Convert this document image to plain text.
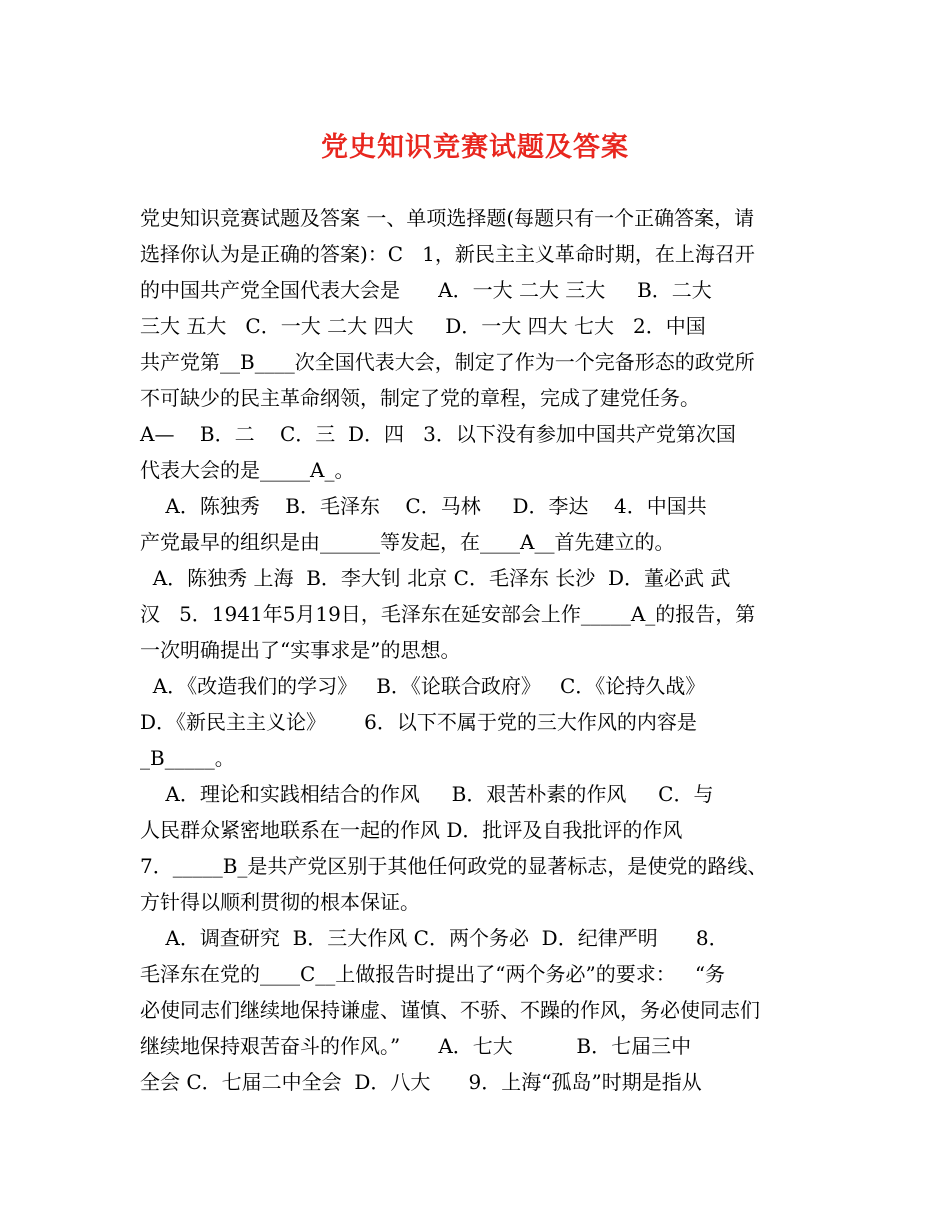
党史知识竞赛试题及答案
党史知识竞赛试题及答案 一、单项选择题(每题只有一个正确答案，请
选择你认为是正确的答案)：C   1，新民主主义革命时期，在上海召开
的中国共产党全国代表大会是      A．一大 二大 三大     B．二大
三大 五大   C．一大 二大 四大     D．一大 四大 七大   2．中国
共产党第__B____次全国代表大会，制定了作为一个完备形态的政党所
不可缺少的民主革命纲领，制定了党的章程，完成了建党任务。
A—    B．二    C．三  D．四   3．以下没有参加中国共产党第次国
代表大会的是_____A_。
A．陈独秀    B．毛泽东    C．马林     D．李达    4．中国共
产党最早的组织是由______等发起，在____A__首先建立的。
A．陈独秀 上海  B．李大钊 北京 C．毛泽东 长沙  D．董必武 武
汉   5．1941年5月19日，毛泽东在延安部会上作_____A_的报告，第
一次明确提出了“实事求是”的思想。
A．《改造我们的学习》   B．《论联合政府》   C．《论持久战》
D．《新民主主义论》      6．以下不属于党的三大作风的内容是
_B_____。
A．理论和实践相结合的作风     B．艰苦朴素的作风     C．与
人民群众紧密地联系在一起的作风 D．批评及自我批评的作风
7．_____B_是共产党区别于其他任何政党的显著标志，是使党的路线、
方针得以顺利贯彻的根本保证。
A．调查研究  B．三大作风 C．两个务必  D．纪律严明      8．
毛泽东在党的____C__上做报告时提出了“两个务必”的要求：   “务
必使同志们继续地保持谦虚、谨慎、不骄、不躁的作风，务必使同志们
继续地保持艰苦奋斗的作风。”      A．七大          B．七届三中
全会 C．七届二中全会  D．八大      9．上海“孤岛”时期是指从
